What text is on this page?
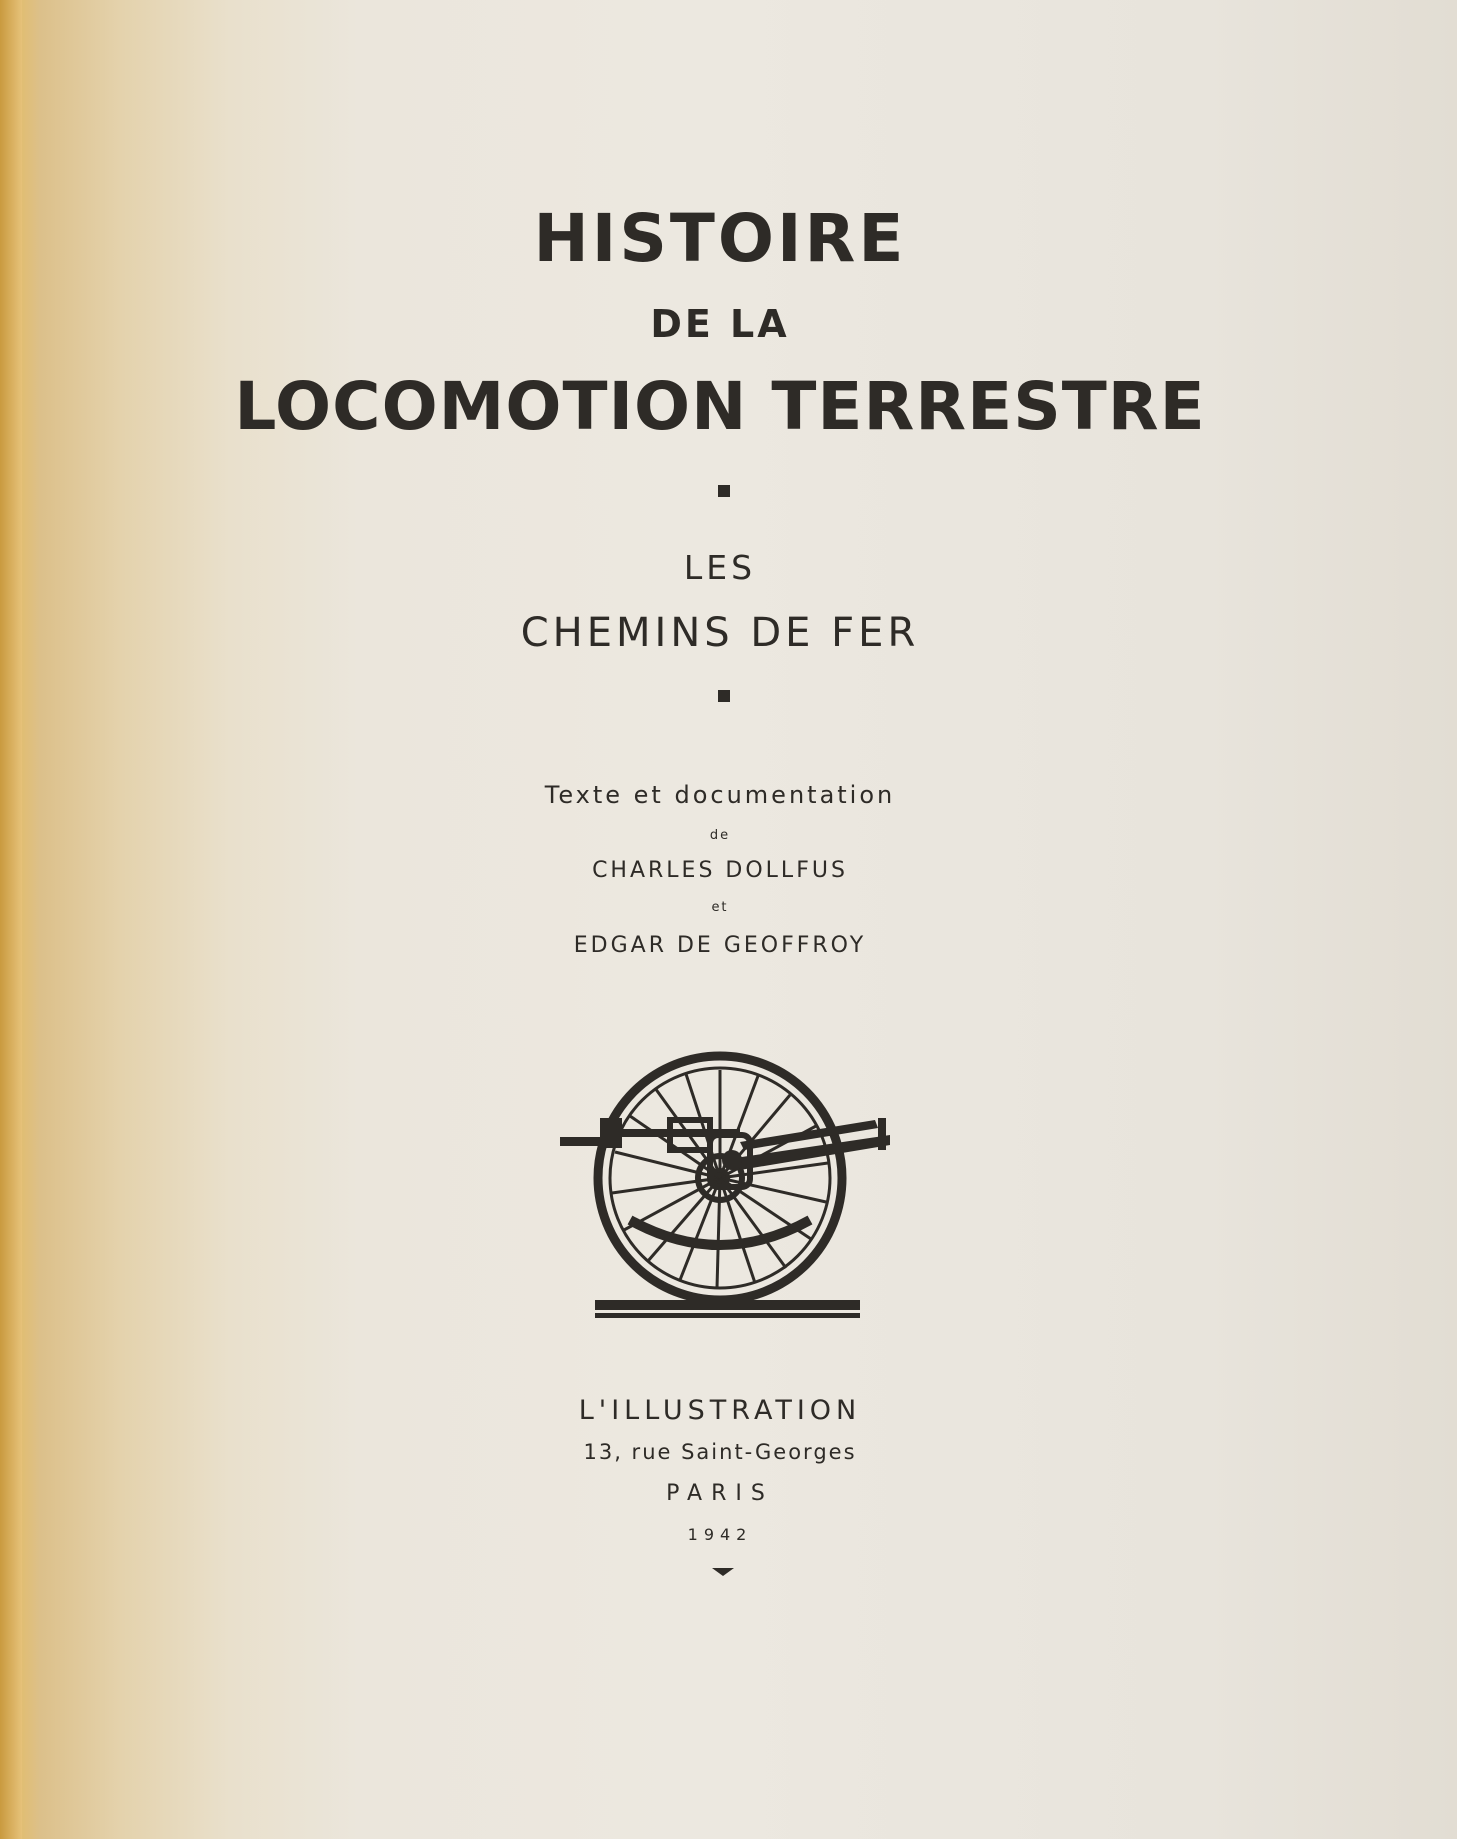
HISTOIRE
DE LA
LOCOMOTION TERRESTRE
LES
CHEMINS DE FER
Texte et documentation
de
CHARLES DOLLFUS
et
EDGAR DE GEOFFROY
L'ILLUSTRATION
13, rue Saint-Georges
PARIS
1942
